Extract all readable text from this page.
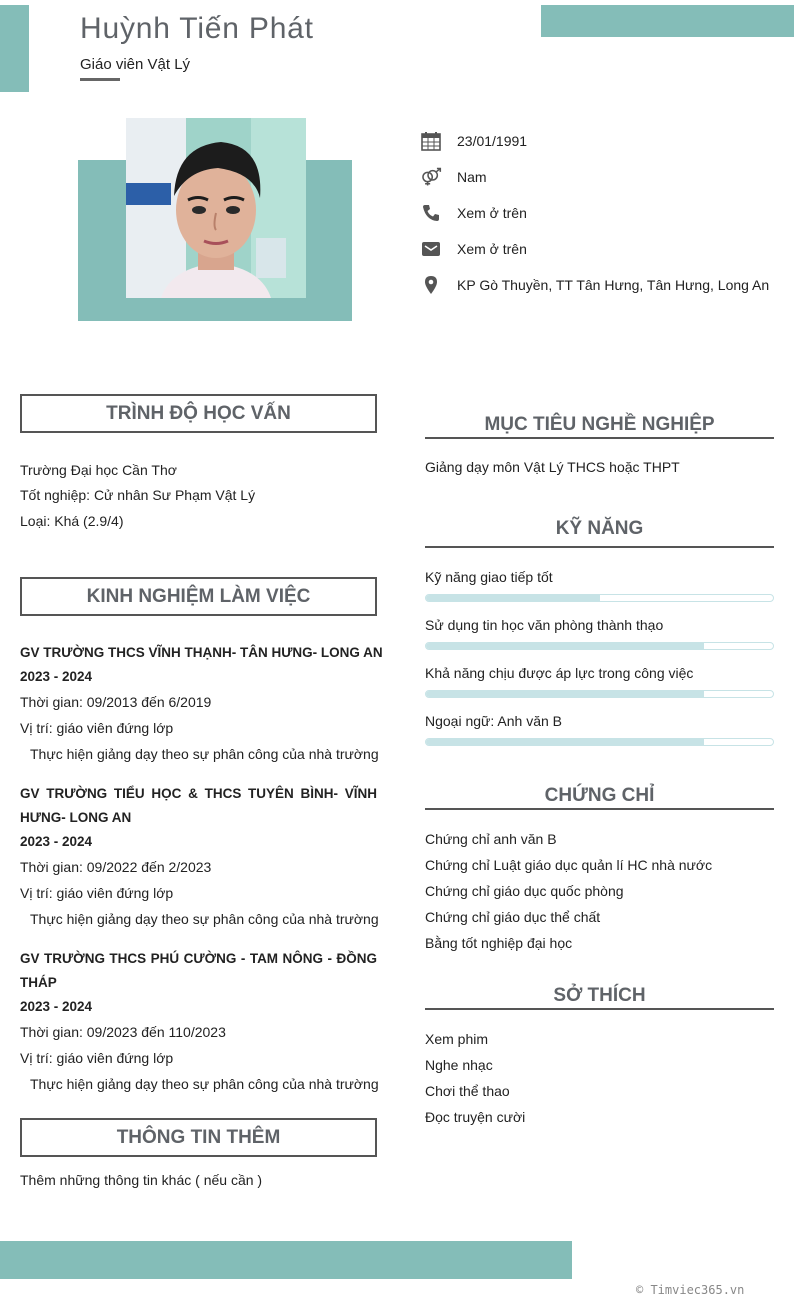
Huỳnh Tiến Phát
Giáo viên Vật Lý
23/01/1991
Nam
Xem ở trên
Xem ở trên
KP Gò Thuyền, TT Tân Hưng, Tân Hưng, Long An
TRÌNH ĐỘ HỌC VẤN
Trường Đại học Cần Thơ
Tốt nghiệp: Cử nhân Sư Phạm Vật Lý
Loại: Khá (2.9/4)
KINH NGHIỆM LÀM VIỆC
GV TRƯỜNG THCS VĨNH THẠNH- TÂN HƯNG- LONG AN
2023 - 2024
Thời gian: 09/2013 đến 6/2019
Vị trí: giáo viên đứng lớp
Thực hiện giảng dạy theo sự phân công của nhà trường
GV TRƯỜNG TIỂU HỌC & THCS TUYÊN BÌNH- VĨNH
HƯNG- LONG AN
2023 - 2024
Thời gian: 09/2022 đến 2/2023
Vị trí: giáo viên đứng lớp
Thực hiện giảng dạy theo sự phân công của nhà trường
GV TRƯỜNG THCS PHÚ CƯỜNG - TAM NÔNG - ĐỒNG
THÁP
2023 - 2024
Thời gian: 09/2023 đến 110/2023
Vị trí: giáo viên đứng lớp
Thực hiện giảng dạy theo sự phân công của nhà trường
THÔNG TIN THÊM
Thêm những thông tin khác ( nếu cần )
MỤC TIÊU NGHỀ NGHIỆP
Giảng dạy môn Vật Lý THCS hoặc THPT
KỸ NĂNG
Kỹ năng giao tiếp tốt
Sử dụng tin học văn phòng thành thạo
Khả năng chịu được áp lực trong công việc
Ngoại ngữ: Anh văn B
CHỨNG CHỈ
Chứng chỉ anh văn B
Chứng chỉ Luật giáo dục quản lí HC nhà nước
Chứng chỉ giáo dục quốc phòng
Chứng chỉ giáo dục thể chất
Bằng tốt nghiệp đại học
SỞ THÍCH
Xem phim
Nghe nhạc
Chơi thể thao
Đọc truyện cười
© Timviec365.vn
